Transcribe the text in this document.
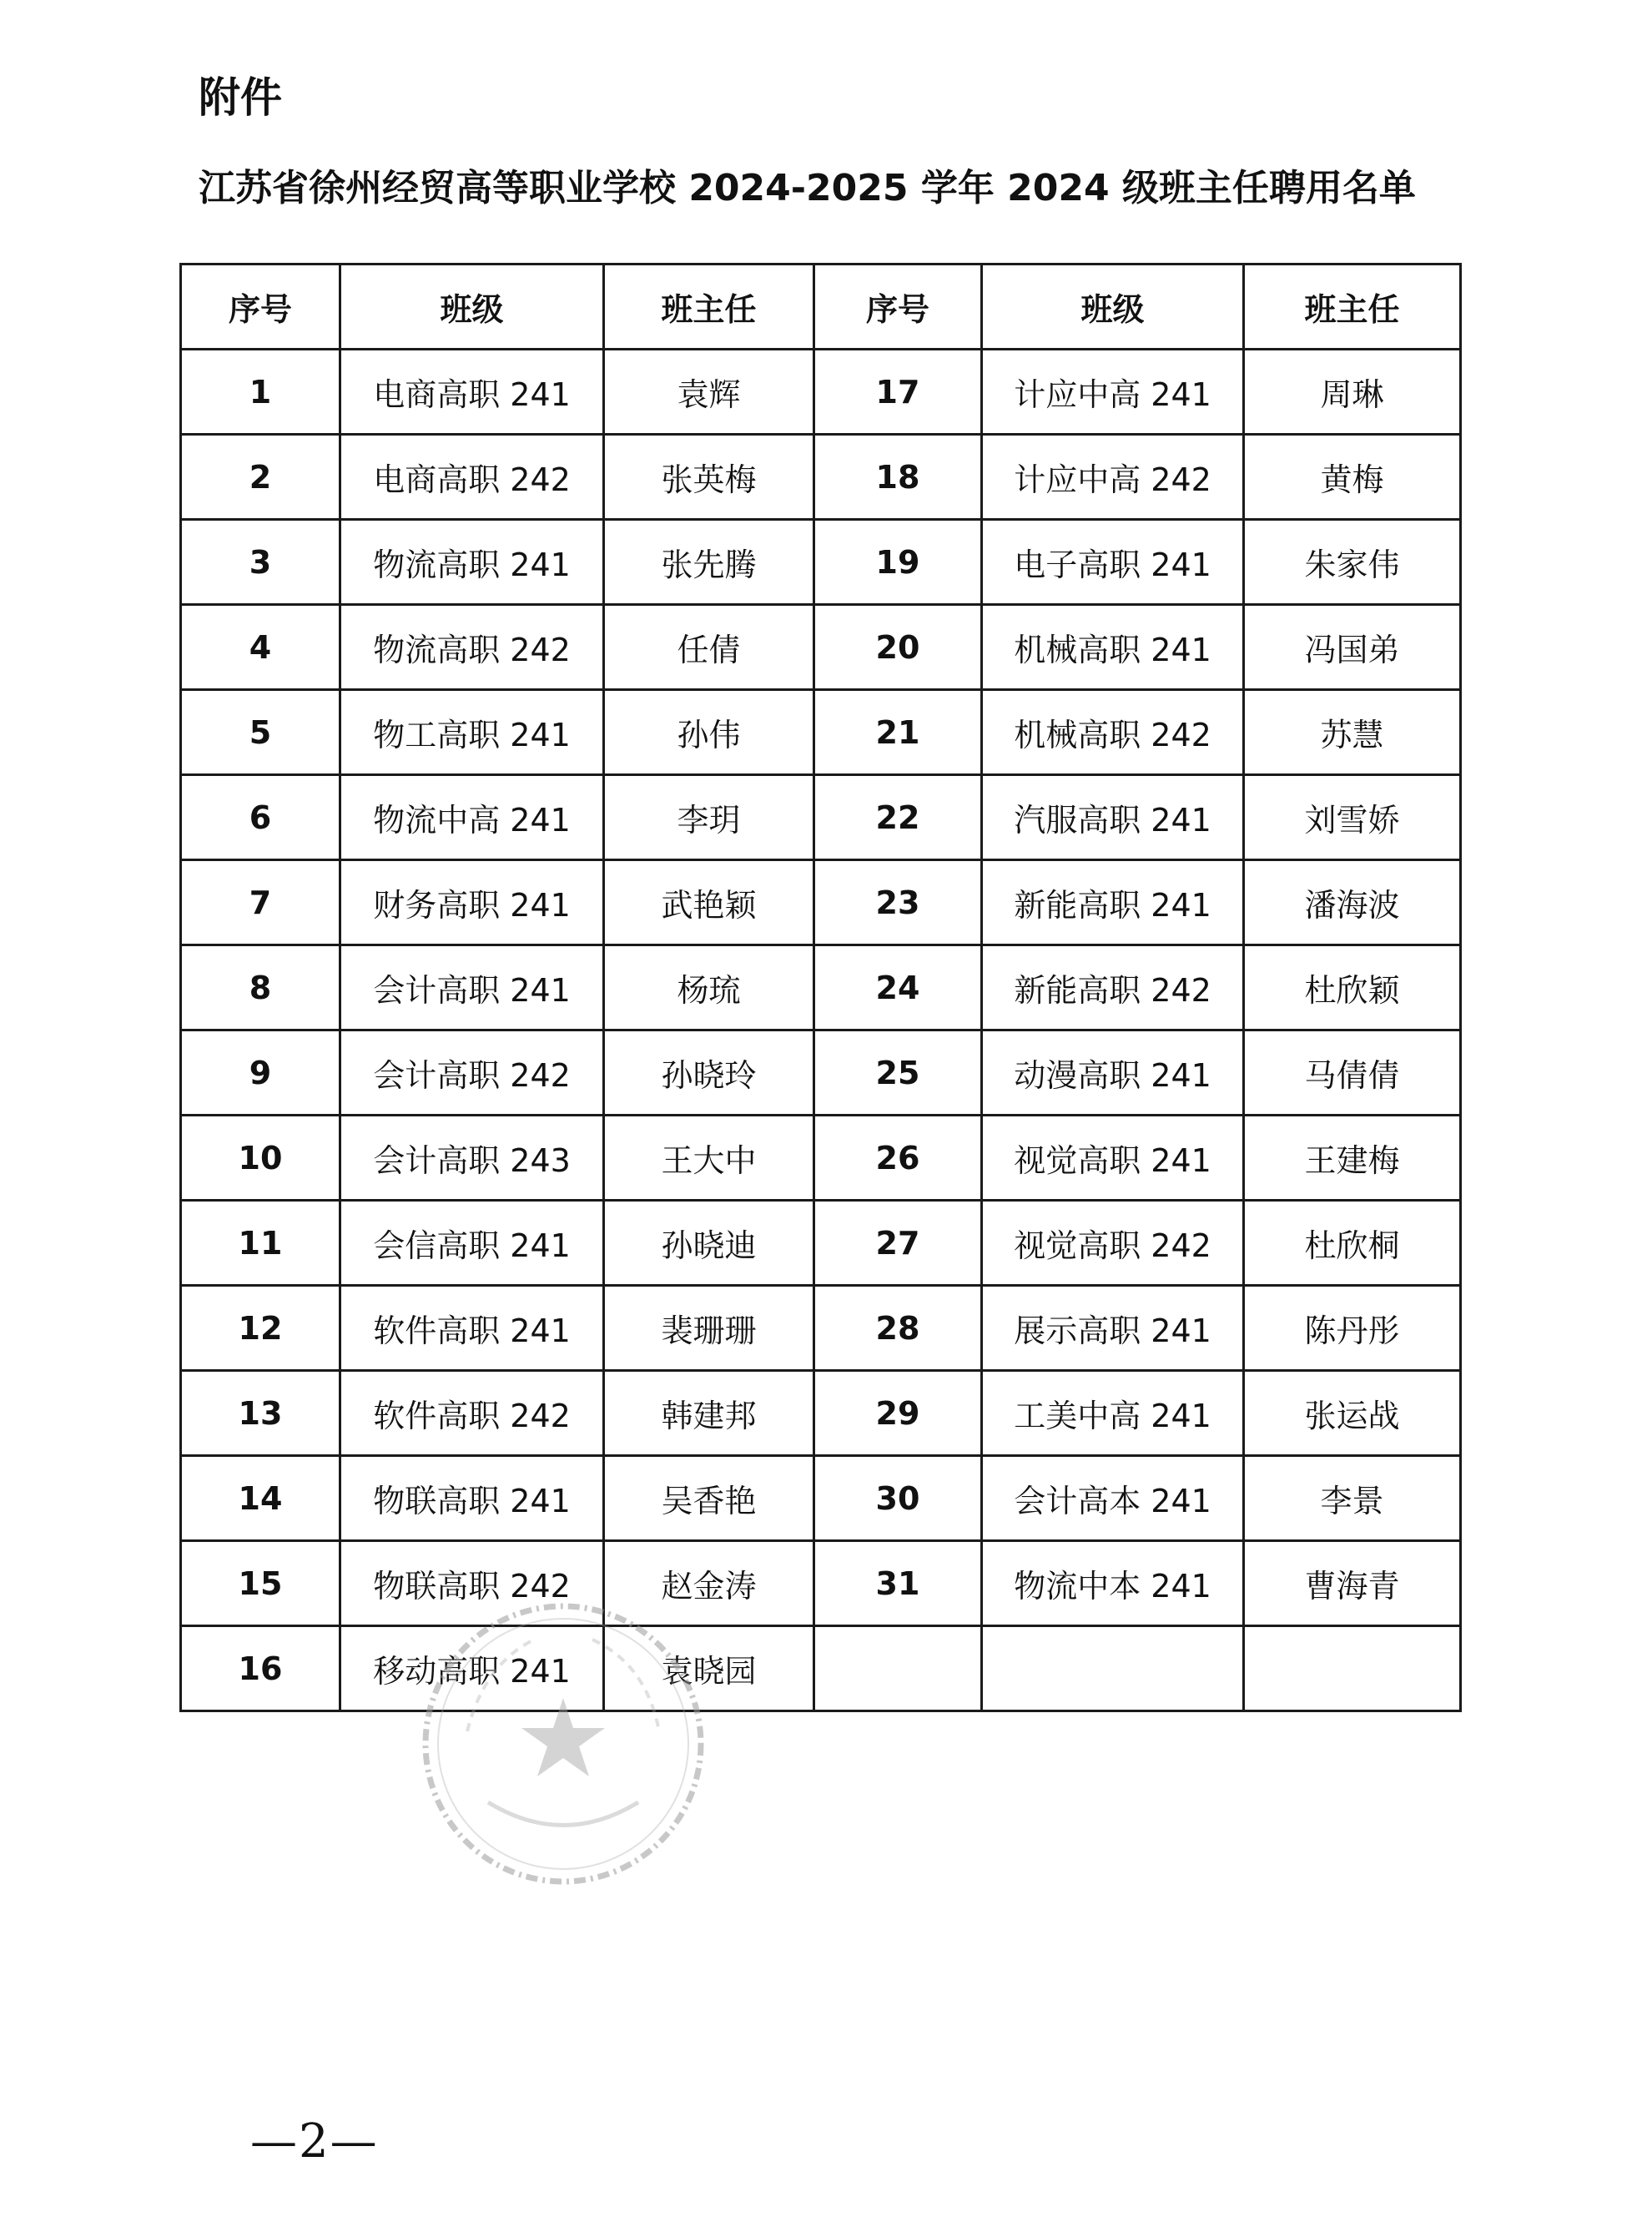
附件
江苏省徐州经贸高等职业学校 2024-2025 学年 2024 级班主任聘用名单
序号	班级	班主任	序号	班级	班主任
1	电商高职 241	袁辉	17	计应中高 241	周琳
2	电商高职 242	张英梅	18	计应中高 242	黄梅
3	物流高职 241	张先腾	19	电子高职 241	朱家伟
4	物流高职 242	任倩	20	机械高职 241	冯国弟
5	物工高职 241	孙伟	21	机械高职 242	苏慧
6	物流中高 241	李玥	22	汽服高职 241	刘雪娇
7	财务高职 241	武艳颖	23	新能高职 241	潘海波
8	会计高职 241	杨琉	24	新能高职 242	杜欣颖
9	会计高职 242	孙晓玲	25	动漫高职 241	马倩倩
10	会计高职 243	王大中	26	视觉高职 241	王建梅
11	会信高职 241	孙晓迪	27	视觉高职 242	杜欣桐
12	软件高职 241	裴珊珊	28	展示高职 241	陈丹彤
13	软件高职 242	韩建邦	29	工美中高 241	张运战
14	物联高职 241	吴香艳	30	会计高本 241	李景
15	物联高职 242	赵金涛	31	物流中本 241	曹海青
16	移动高职 241	袁晓园			
—2—
